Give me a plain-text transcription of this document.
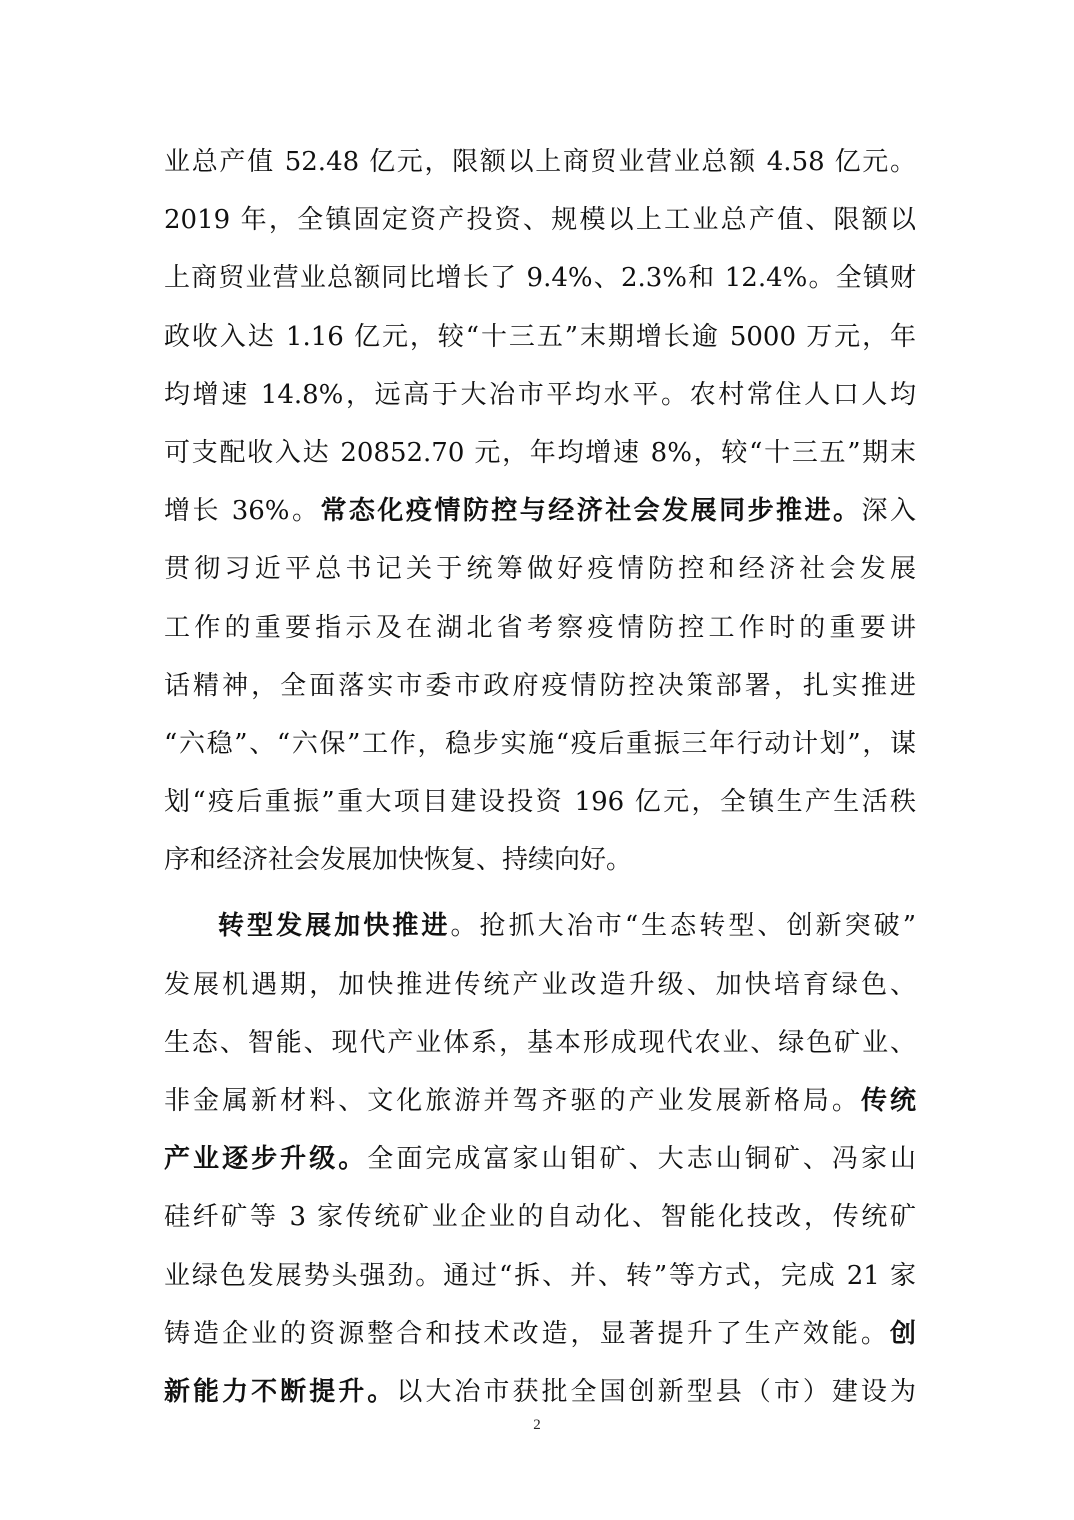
业总产值 52.48 亿元，限额以上商贸业营业总额 4.58 亿元。
2019 年，全镇固定资产投资、规模以上工业总产值、限额以
上商贸业营业总额同比增长了 9.4%、2.3%和 12.4%。全镇财
政收入达 1.16 亿元，较“十三五”末期增长逾 5000 万元，年
均增速 14.8%，远高于大冶市平均水平。农村常住人口人均
可支配收入达 20852.70 元，年均增速 8%，较“十三五”期末
增长 36%。常态化疫情防控与经济社会发展同步推进。深入
贯彻习近平总书记关于统筹做好疫情防控和经济社会发展
工作的重要指示及在湖北省考察疫情防控工作时的重要讲
话精神，全面落实市委市政府疫情防控决策部署，扎实推进
“六稳”、“六保”工作，稳步实施“疫后重振三年行动计划”，谋
划“疫后重振”重大项目建设投资 196 亿元，全镇生产生活秩
序和经济社会发展加快恢复、持续向好。
转型发展加快推进。抢抓大冶市“生态转型、创新突破”
发展机遇期，加快推进传统产业改造升级、加快培育绿色、
生态、智能、现代产业体系，基本形成现代农业、绿色矿业、
非金属新材料、文化旅游并驾齐驱的产业发展新格局。传统
产业逐步升级。全面完成富家山钼矿、大志山铜矿、冯家山
硅纤矿等 3 家传统矿业企业的自动化、智能化技改，传统矿
业绿色发展势头强劲。通过“拆、并、转”等方式，完成 21 家
铸造企业的资源整合和技术改造，显著提升了生产效能。创
新能力不断提升。以大冶市获批全国创新型县（市）建设为
2
